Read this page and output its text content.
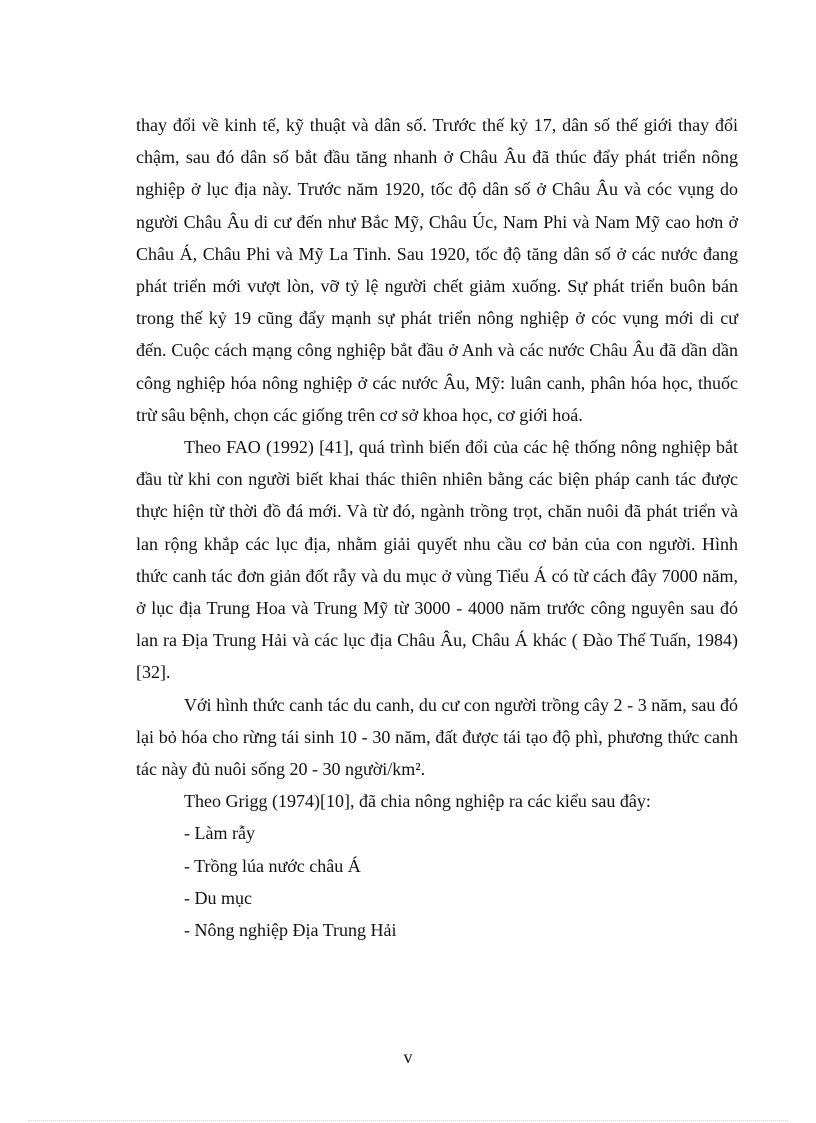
thay đổi về kinh tế, kỹ thuật và dân số. Trước thế kỷ 17, dân số thế giới thay đổi chậm, sau đó dân số bắt đầu tăng nhanh ở Châu Âu đã thúc đẩy phát triển nông nghiệp ở lục địa này. Trước năm 1920, tốc độ dân số ở Châu Âu và cóc vụng do người Châu Âu di cư đến như Bắc Mỹ, Châu Úc, Nam Phi và Nam Mỹ cao hơn ở Châu Á, Châu Phi và Mỹ La Tinh. Sau 1920, tốc độ tăng dân số ở các nước đang phát triển mới vượt lòn, vỡ tỷ lệ người chết giảm xuống. Sự phát triển buôn bán trong thế kỷ 19 cũng đẩy mạnh sự phát triển nông nghiệp ở cóc vụng mới di cư đến. Cuộc cách mạng công nghiệp bắt đầu ở Anh và các nước Châu Âu đã dần dần công nghiệp hóa nông nghiệp ở các nước Âu, Mỹ: luân canh, phân hóa học, thuốc trừ sâu bệnh, chọn các giống trên cơ sở khoa học, cơ giới hoá.

Theo FAO (1992) [41], quá trình biến đổi của các hệ thống nông nghiệp bắt đầu từ khi con người biết khai thác thiên nhiên bằng các biện pháp canh tác được thực hiện từ thời đồ đá mới. Và từ đó, ngành trồng trọt, chăn nuôi đã phát triển và lan rộng khắp các lục địa, nhằm giải quyết nhu cầu cơ bản của con người. Hình thức canh tác đơn giản đốt rẫy và du mục ở vùng Tiểu Á có từ cách đây 7000 năm, ở lục địa Trung Hoa và Trung Mỹ từ 3000 - 4000 năm trước công nguyên sau đó lan ra Địa Trung Hải và các lục địa Châu Âu, Châu Á khác ( Đào Thế Tuấn, 1984) [32].

Với hình thức canh tác du canh, du cư con người trồng cây 2 - 3 năm, sau đó lại bỏ hóa cho rừng tái sinh 10 - 30 năm, đất được tái tạo độ phì, phương thức canh tác này đủ nuôi sống 20 - 30 người/km².

Theo Grigg (1974)[10], đã chia nông nghiệp ra các kiểu sau đây:

- Làm rẫy

- Trồng lúa nước châu Á

- Du mục

- Nông nghiệp Địa Trung Hải

v
